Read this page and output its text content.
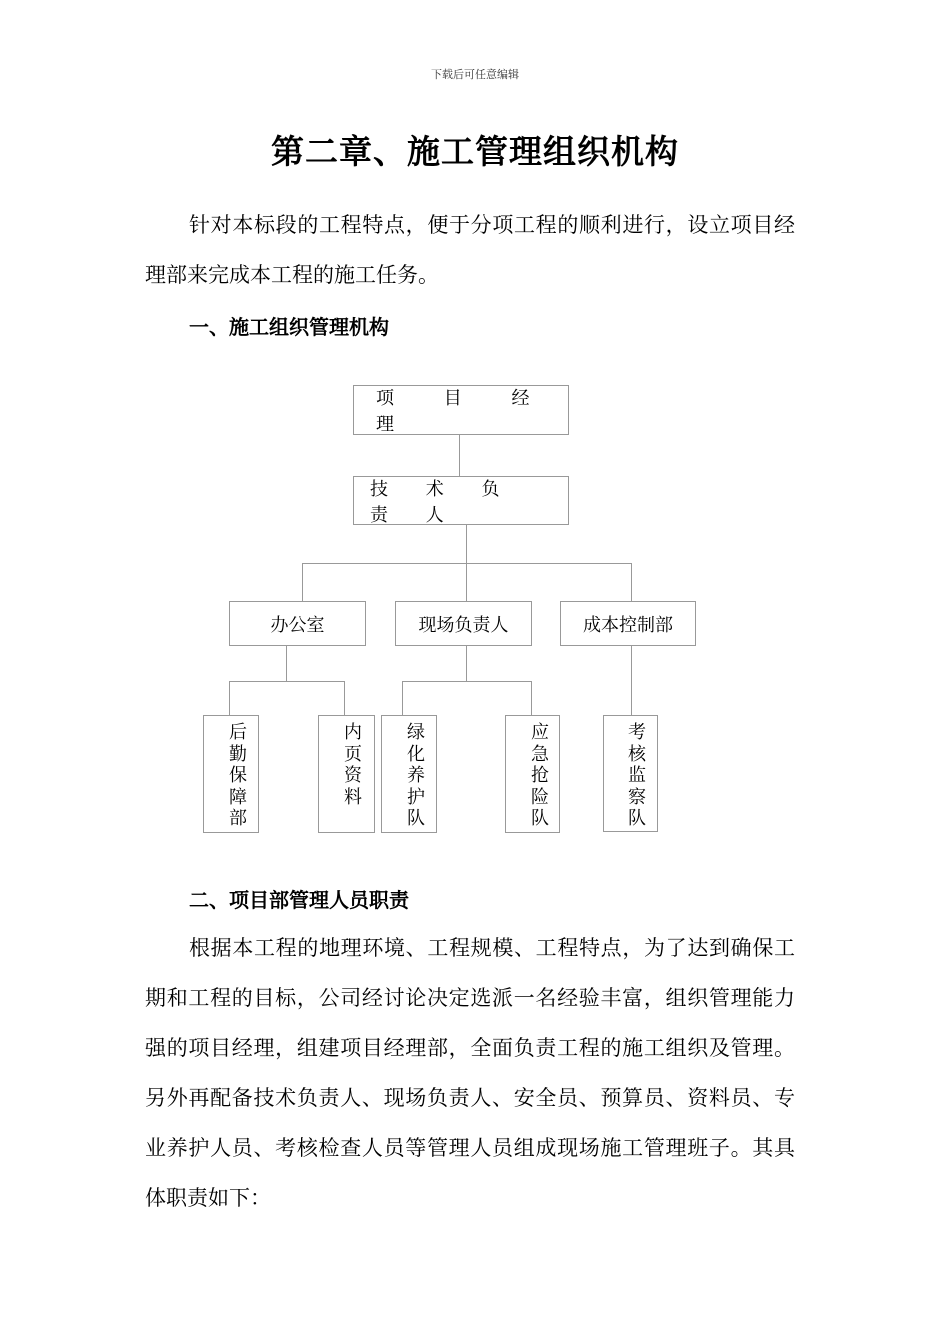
下载后可任意编辑
第二章、施工管理组织机构

针对本标段的工程特点，便于分项工程的顺利进行，设立项目经理部来完成本工程的施工任务。

一、施工组织管理机构
项 目 经 理
技 术 负 责 人
办公室	现场负责人	成本控制部
后勤保障部
内页资料
绿化养护队
应急抢险队
考核监察队
二、项目部管理人员职责

根据本工程的地理环境、工程规模、工程特点，为了达到确保工期和工程的目标，公司经讨论决定选派一名经验丰富，组织管理能力强的项目经理，组建项目经理部，全面负责工程的施工组织及管理。另外再配备技术负责人、现场负责人、安全员、预算员、资料员、专业养护人员、考核检查人员等管理人员组成现场施工管理班子。其具体职责如下：
